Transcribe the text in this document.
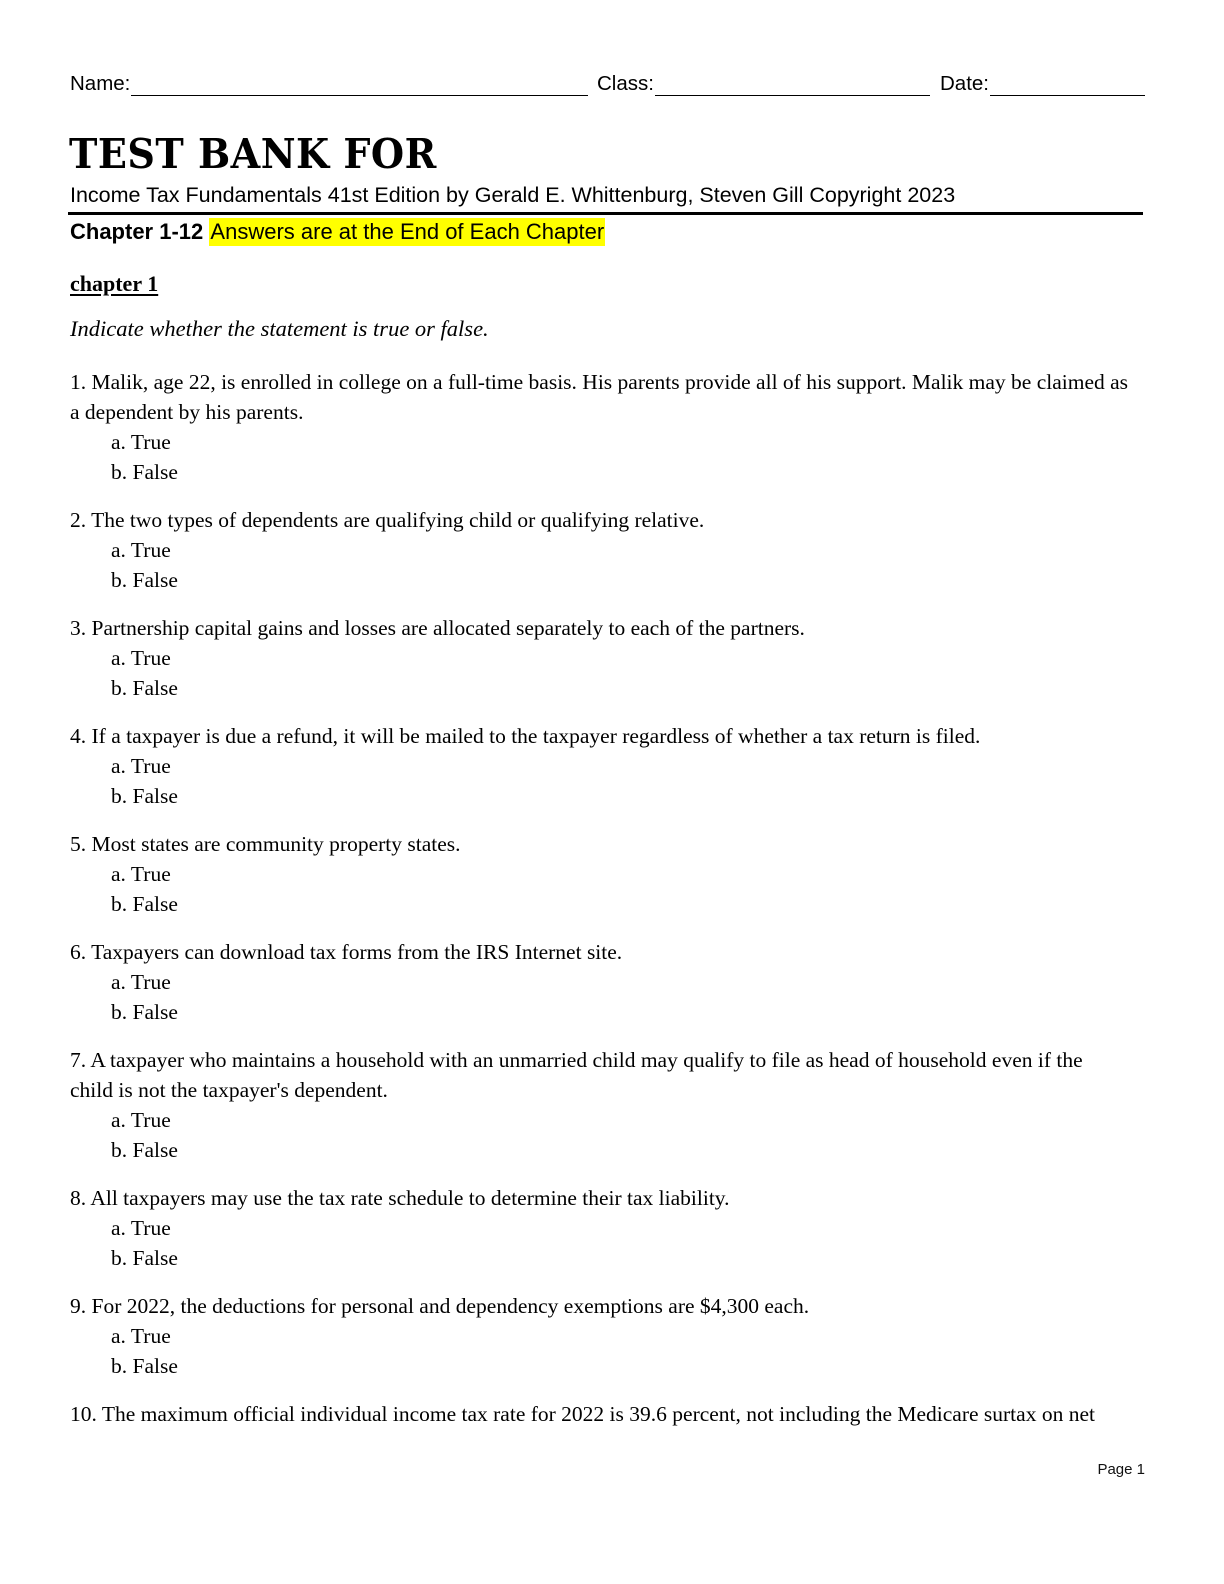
Name:	Class:	Date:
TEST BANK FOR
Income Tax Fundamentals 41st Edition by Gerald E. Whittenburg, Steven Gill Copyright 2023
Chapter 1-12 Answers are at the End of Each Chapter
chapter 1
Indicate whether the statement is true or false.
1. Malik, age 22, is enrolled in college on a full-time basis. His parents provide all of his support. Malik may be claimed as a dependent by his parents.
a. True
b. False
2. The two types of dependents are qualifying child or qualifying relative.
a. True
b. False
3. Partnership capital gains and losses are allocated separately to each of the partners.
a. True
b. False
4. If a taxpayer is due a refund, it will be mailed to the taxpayer regardless of whether a tax return is filed.
a. True
b. False
5. Most states are community property states.
a. True
b. False
6. Taxpayers can download tax forms from the IRS Internet site.
a. True
b. False
7. A taxpayer who maintains a household with an unmarried child may qualify to file as head of household even if the child is not the taxpayer's dependent.
a. True
b. False
8. All taxpayers may use the tax rate schedule to determine their tax liability.
a. True
b. False
9. For 2022, the deductions for personal and dependency exemptions are $4,300 each.
a. True
b. False
10. The maximum official individual income tax rate for 2022 is 39.6 percent, not including the Medicare surtax on net
Page 1
